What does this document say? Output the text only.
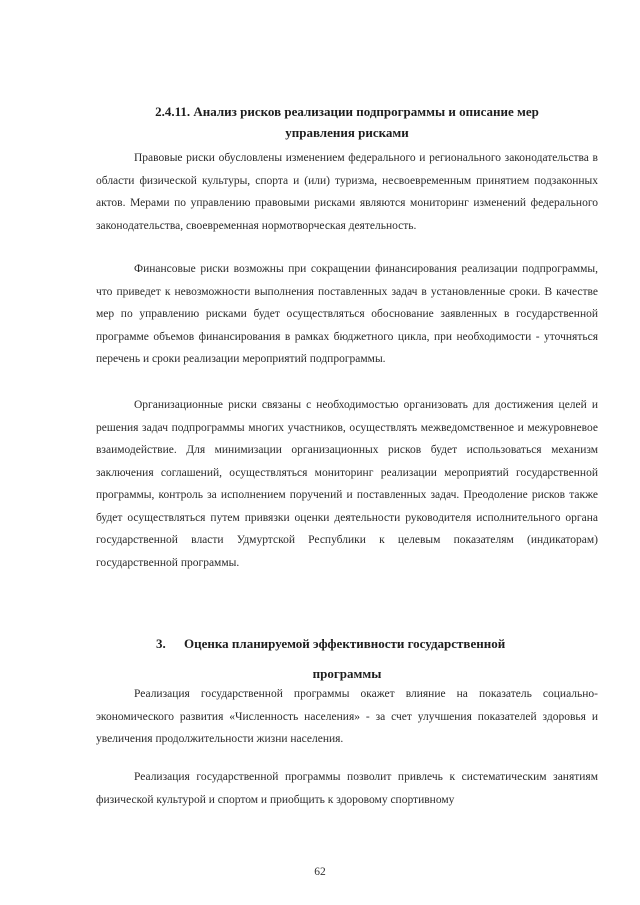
2.4.11. Анализ рисков реализации подпрограммы и описание мер
управления рисками
Правовые риски обусловлены изменением федерального и регионального законодательства в области физической культуры, спорта и (или) туризма, несвоевременным принятием подзаконных актов. Мерами по управлению правовыми рисками являются мониторинг изменений федерального законодательства, своевременная нормотворческая деятельность.
Финансовые риски возможны при сокращении финансирования реализации подпрограммы, что приведет к невозможности выполнения поставленных задач в установленные сроки. В качестве мер по управлению рисками будет осуществляться обоснование заявленных в государственной программе объемов финансирования в рамках бюджетного цикла, при необходимости - уточняться перечень и сроки реализации мероприятий подпрограммы.
Организационные риски связаны с необходимостью организовать для достижения целей и решения задач подпрограммы многих участников, осуществлять межведомственное и межуровневое взаимодействие. Для минимизации организационных рисков будет использоваться механизм заключения соглашений, осуществляться мониторинг реализации мероприятий государственной программы, контроль за исполнением поручений и поставленных задач. Преодоление рисков также будет осуществляться путем привязки оценки деятельности руководителя исполнительного органа государственной власти Удмуртской Республики к целевым показателям (индикаторам) государственной программы.
3. Оценка планируемой эффективности государственной
программы
Реализация государственной программы окажет влияние на показатель социально-экономического развития «Численность населения» - за счет улучшения показателей здоровья и увеличения продолжительности жизни населения.
Реализация государственной программы позволит привлечь к систематическим занятиям физической культурой и спортом и приобщить к здоровому спортивному
62
